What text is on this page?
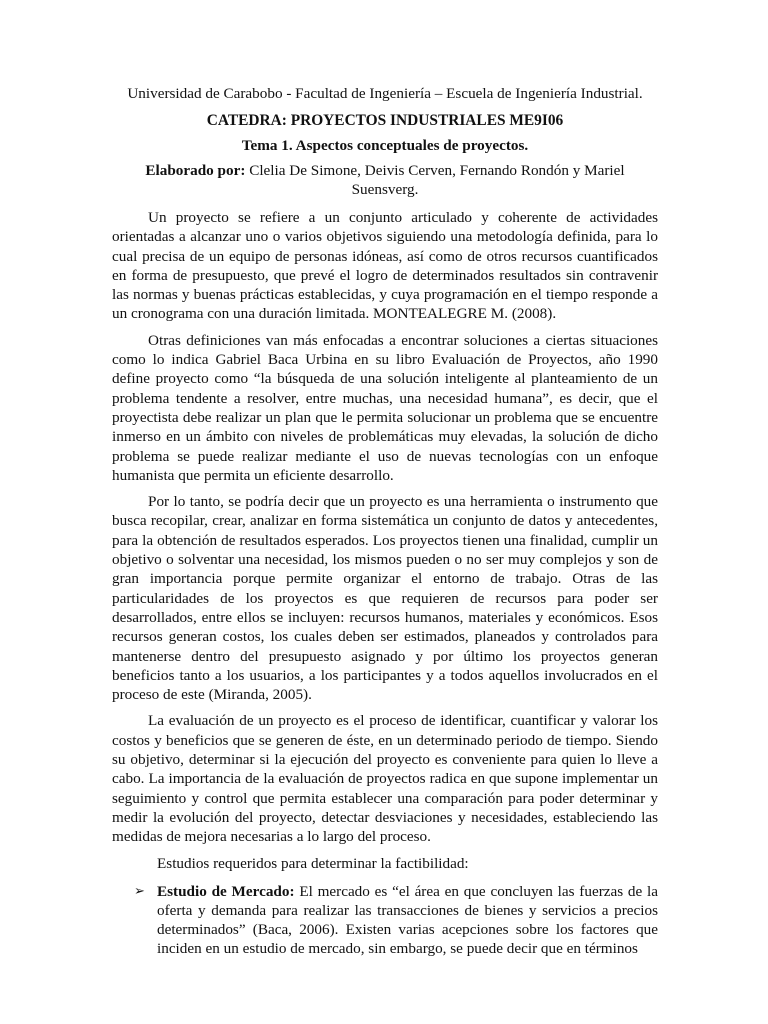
Universidad de Carabobo - Facultad de Ingeniería – Escuela de Ingeniería Industrial.
CATEDRA: PROYECTOS INDUSTRIALES ME9I06
Tema 1. Aspectos conceptuales de proyectos.
Elaborado por: Clelia De Simone, Deivis Cerven, Fernando Rondón y Mariel Suensverg.

Un proyecto se refiere a un conjunto articulado y coherente de actividades orientadas a alcanzar uno o varios objetivos siguiendo una metodología definida, para lo cual precisa de un equipo de personas idóneas, así como de otros recursos cuantificados en forma de presupuesto, que prevé el logro de determinados resultados sin contravenir las normas y buenas prácticas establecidas, y cuya programación en el tiempo responde a un cronograma con una duración limitada. MONTEALEGRE M. (2008).

Otras definiciones van más enfocadas a encontrar soluciones a ciertas situaciones como lo indica Gabriel Baca Urbina en su libro Evaluación de Proyectos, año 1990 define proyecto como “la búsqueda de una solución inteligente al planteamiento de un problema tendente a resolver, entre muchas, una necesidad humana”, es decir, que el proyectista debe realizar un plan que le permita solucionar un problema que se encuentre inmerso en un ámbito con niveles de problemáticas muy elevadas, la solución de dicho problema se puede realizar mediante el uso de nuevas tecnologías con un enfoque humanista que permita un eficiente desarrollo.

Por lo tanto, se podría decir que un proyecto es una herramienta o instrumento que busca recopilar, crear, analizar en forma sistemática un conjunto de datos y antecedentes, para la obtención de resultados esperados. Los proyectos tienen una finalidad, cumplir un objetivo o solventar una necesidad, los mismos pueden o no ser muy complejos y son de gran importancia porque permite organizar el entorno de trabajo. Otras de las particularidades de los proyectos es que requieren de recursos para poder ser desarrollados, entre ellos se incluyen: recursos humanos, materiales y económicos. Esos recursos generan costos, los cuales deben ser estimados, planeados y controlados para mantenerse dentro del presupuesto asignado y por último los proyectos generan beneficios tanto a los usuarios, a los participantes y a todos aquellos involucrados en el proceso de este (Miranda, 2005).

La evaluación de un proyecto es el proceso de identificar, cuantificar y valorar los costos y beneficios que se generen de éste, en un determinado periodo de tiempo. Siendo su objetivo, determinar si la ejecución del proyecto es conveniente para quien lo lleve a cabo. La importancia de la evaluación de proyectos radica en que supone implementar un seguimiento y control que permita establecer una comparación para poder determinar y medir la evolución del proyecto, detectar desviaciones y necesidades, estableciendo las medidas de mejora necesarias a lo largo del proceso.

Estudios requeridos para determinar la factibilidad:
➢ Estudio de Mercado: El mercado es “el área en que concluyen las fuerzas de la oferta y demanda para realizar las transacciones de bienes y servicios a precios determinados” (Baca, 2006). Existen varias acepciones sobre los factores que inciden en un estudio de mercado, sin embargo, se puede decir que en términos
